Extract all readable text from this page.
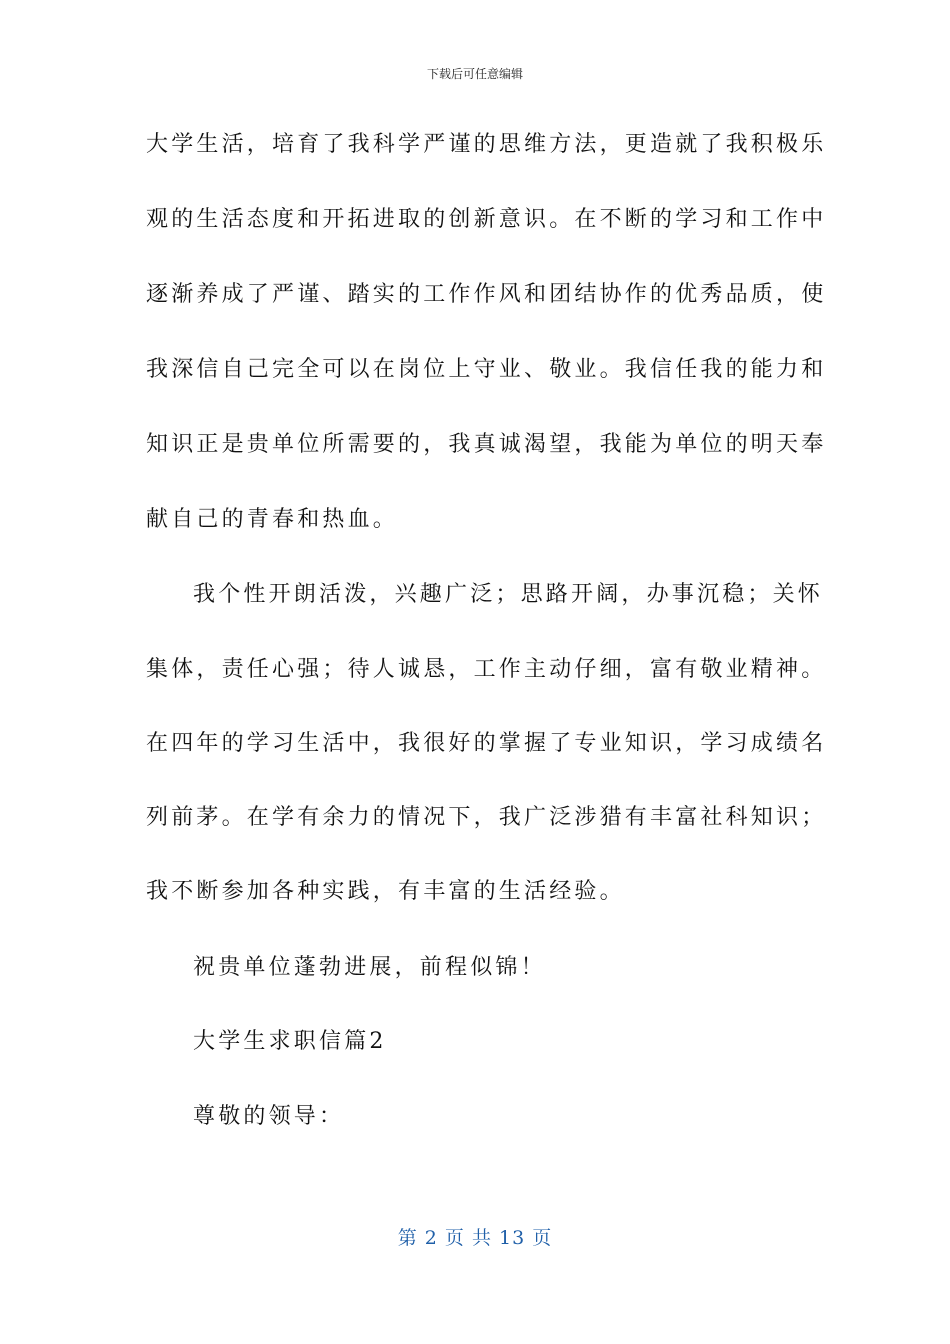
下载后可任意编辑
大学生活，培育了我科学严谨的思维方法，更造就了我积极乐
观的生活态度和开拓进取的创新意识。在不断的学习和工作中
逐渐养成了严谨、踏实的工作作风和团结协作的优秀品质，使
我深信自己完全可以在岗位上守业、敬业。我信任我的能力和
知识正是贵单位所需要的，我真诚渴望，我能为单位的明天奉
献自己的青春和热血。
我个性开朗活泼，兴趣广泛；思路开阔，办事沉稳；关怀
集体，责任心强；待人诚恳，工作主动仔细，富有敬业精神。
在四年的学习生活中，我很好的掌握了专业知识，学习成绩名
列前茅。在学有余力的情况下，我广泛涉猎有丰富社科知识；
我不断参加各种实践，有丰富的生活经验。
祝贵单位蓬勃进展，前程似锦！
大学生求职信篇2
尊敬的领导：
第 2 页 共 13 页
